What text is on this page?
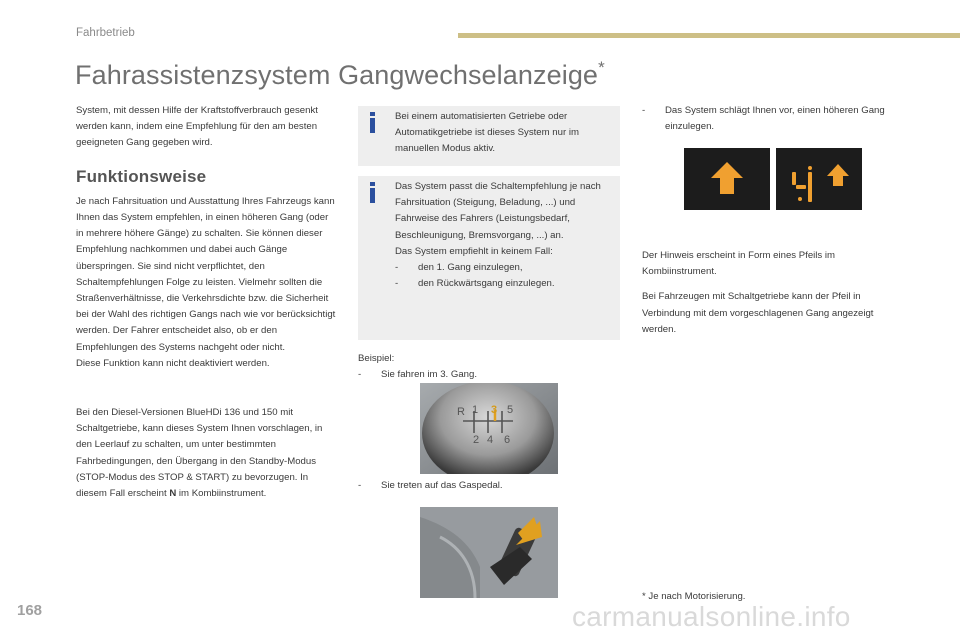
Fahrbetrieb
Fahrassistenzsystem Gangwechselanzeige*

System, mit dessen Hilfe der Kraftstoffverbrauch gesenkt werden kann, indem eine Empfehlung für den am besten geeigneten Gang gegeben wird.

Funktionsweise

Je nach Fahrsituation und Ausstattung Ihres Fahrzeugs kann Ihnen das System empfehlen, in einen höheren Gang (oder in mehrere höhere Gänge) zu schalten. Sie können dieser Empfehlung nachkommen und dabei auch Gänge überspringen. Sie sind nicht verpflichtet, den Schaltempfehlungen Folge zu leisten. Vielmehr sollten die Straßenverhältnisse, die Verkehrsdichte bzw. die Sicherheit bei der Wahl des richtigen Gangs nach wie vor berücksichtigt werden. Der Fahrer entscheidet also, ob er den Empfehlungen des Systems nachgeht oder nicht.

Diese Funktion kann nicht deaktiviert werden.

Bei den Diesel-Versionen BlueHDi 136 und 150 mit Schaltgetriebe, kann dieses System Ihnen vorschlagen, in den Leerlauf zu schalten, um unter bestimmten Fahrbedingungen, den Übergang in den Standby-Modus (STOP-Modus des STOP & START) zu bevorzugen. In diesem Fall erscheint N im Kombiinstrument.

Bei einem automatisierten Getriebe oder Automatikgetriebe ist dieses System nur im manuellen Modus aktiv.

Das System passt die Schaltempfehlung je nach Fahrsituation (Steigung, Beladung, ...) und Fahrweise des Fahrers (Leistungsbedarf, Beschleunigung, Bremsvorgang, ...) an.

Das System empfiehlt in keinem Fall:

-	den 1. Gang einzulegen,
-	den Rückwärtsgang einzulegen.

Beispiel:

-	Sie fahren im 3. Gang.
R 1 3 5
2 4 6
-	Sie treten auf das Gaspedal.
-	Das System schlägt Ihnen vor, einen höheren Gang einzulegen.

Der Hinweis erscheint in Form eines Pfeils im Kombiinstrument.

Bei Fahrzeugen mit Schaltgetriebe kann der Pfeil in Verbindung mit dem vorgeschlagenen Gang angezeigt werden.

* Je nach Motorisierung.
168	carmanualsonline.info
